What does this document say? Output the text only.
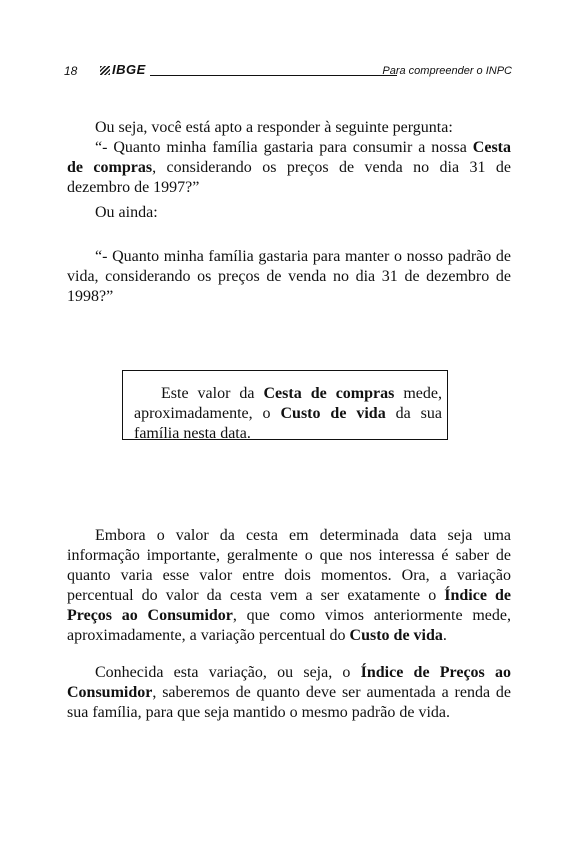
18	IBGE	Para compreender o INPC

Ou seja, você está apto a responder à seguinte pergunta:

“- Quanto minha família gastaria para consumir a nossa Cesta de compras, considerando os preços de venda no dia 31 de dezembro de 1997?”

Ou ainda:

“- Quanto minha família gastaria para manter o nosso padrão de vida, considerando os preços de venda no dia 31 de dezembro de 1998?”

Este valor da Cesta de compras mede, aproximadamente, o Custo de vida da sua família nesta data.

Embora o valor da cesta em determinada data seja uma informação importante, geralmente o que nos interessa é saber de quanto varia esse valor entre dois momentos. Ora, a variação percentual do valor da cesta vem a ser exatamente o Índice de Preços ao Consumidor, que como vimos anteriormente mede, aproximadamente, a variação percentual do Custo de vida.

Conhecida esta variação, ou seja, o Índice de Preços ao Consumidor, saberemos de quanto deve ser aumentada a renda de sua família, para que seja mantido o mesmo padrão de vida.
